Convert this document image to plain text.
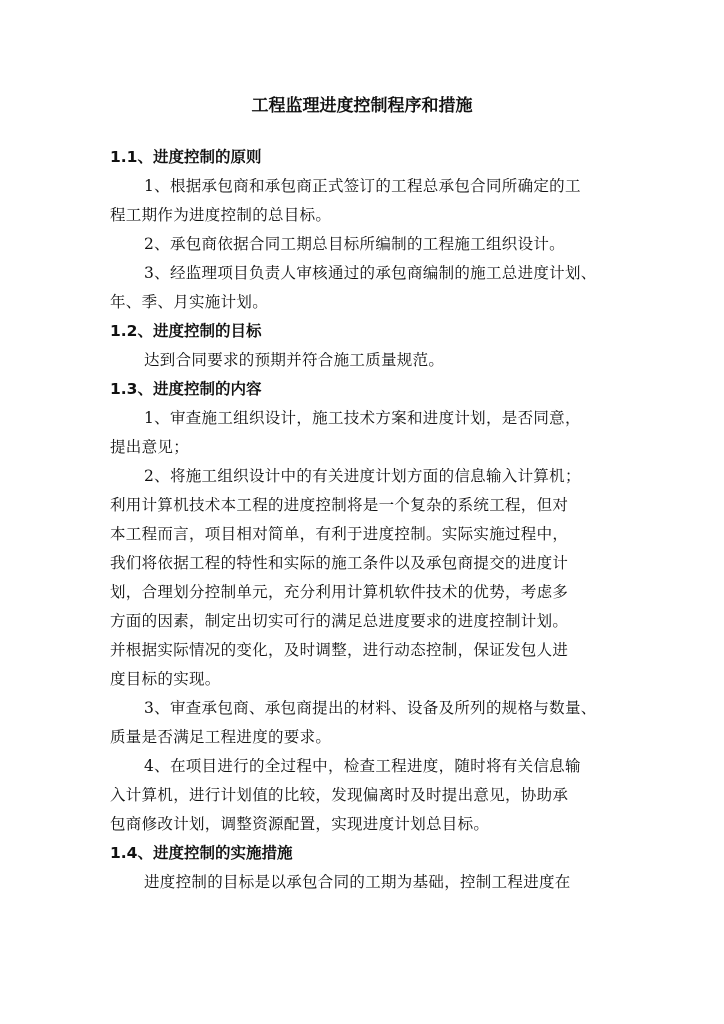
工程监理进度控制程序和措施
1.1、进度控制的原则
1、根据承包商和承包商正式签订的工程总承包合同所确定的工
程工期作为进度控制的总目标。
2、承包商依据合同工期总目标所编制的工程施工组织设计。
3、经监理项目负责人审核通过的承包商编制的施工总进度计划、
年、季、月实施计划。
1.2、进度控制的目标
达到合同要求的预期并符合施工质量规范。
1.3、进度控制的内容
1、审查施工组织设计，施工技术方案和进度计划，是否同意，
提出意见；
2、将施工组织设计中的有关进度计划方面的信息输入计算机；
利用计算机技术本工程的进度控制将是一个复杂的系统工程，但对
本工程而言，项目相对简单，有利于进度控制。实际实施过程中，
我们将依据工程的特性和实际的施工条件以及承包商提交的进度计
划，合理划分控制单元，充分利用计算机软件技术的优势，考虑多
方面的因素，制定出切实可行的满足总进度要求的进度控制计划。
并根据实际情况的变化，及时调整，进行动态控制，保证发包人进
度目标的实现。
3、审查承包商、承包商提出的材料、设备及所列的规格与数量、
质量是否满足工程进度的要求。
4、在项目进行的全过程中，检查工程进度，随时将有关信息输
入计算机，进行计划值的比较，发现偏离时及时提出意见，协助承
包商修改计划，调整资源配置，实现进度计划总目标。
1.4、进度控制的实施措施
进度控制的目标是以承包合同的工期为基础，控制工程进度在
